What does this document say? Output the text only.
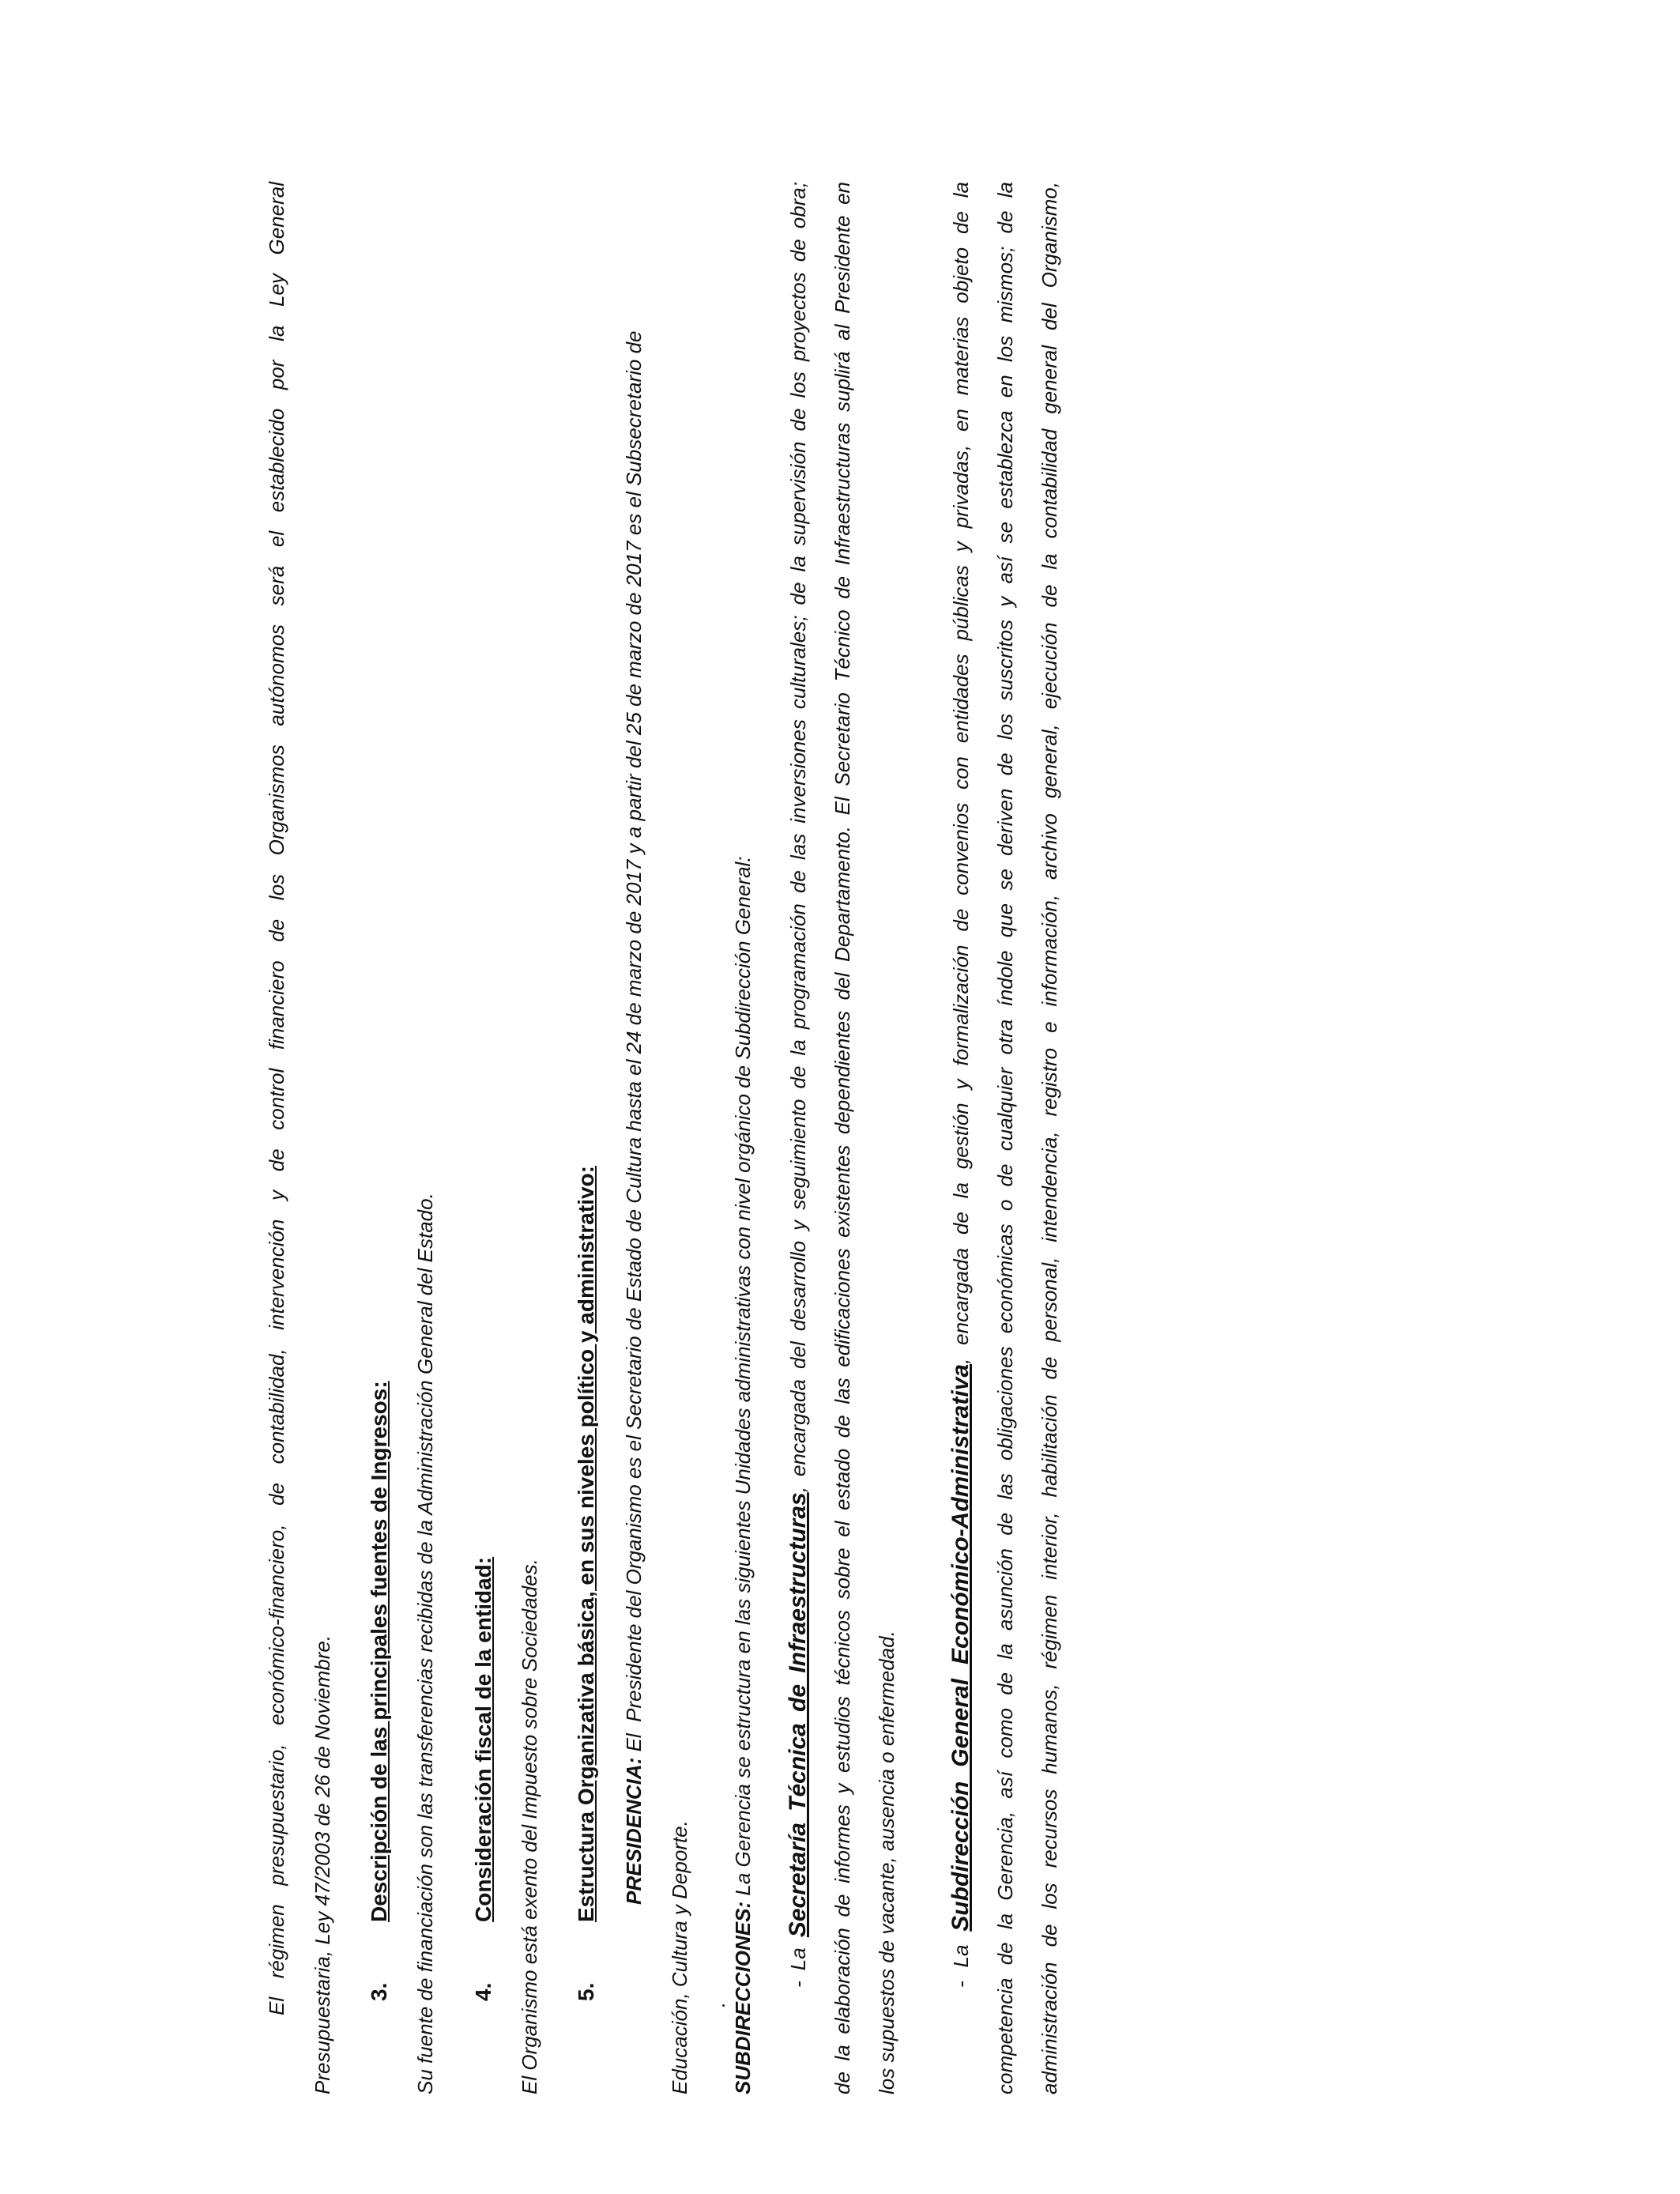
El régimen presupuestario, económico-financiero, de contabilidad, intervención y de control financiero de los Organismos autónomos será el establecido por la Ley General Presupuestaria, Ley 47/2003 de 26 de Noviembre. 3.Descripción de las principales fuentes de Ingresos: Su fuente de financiación son las transferencias recibidas de la Administración General del Estado. 4.Consideración fiscal de la entidad: El Organismo está exento del Impuesto sobre Sociedades. 5.Estructura Organizativa básica, en sus niveles político y administrativo: PRESIDENCIA: El  Presidente del Organismo es el Secretario de Estado de Cultura hasta el 24 de marzo de 2017 y a partir del 25 de marzo de 2017 es el Subsecretario de
Educación, Cultura y Deporte. . SUBDIRECCIONES: La Gerencia se estructura en las siguientes Unidades administrativas con nivel orgánico de Subdirección General:
- La Secretaría Técnica de Infraestructuras, encargada del desarrollo y seguimiento de la programación de las inversiones culturales; de la supervisión de los proyectos de obra; de la elaboración de informes y estudios técnicos sobre el estado de las edificaciones existentes dependientes del Departamento. El Secretario Técnico de Infraestructuras suplirá al Presidente en los supuestos de vacante, ausencia o enfermedad. - La Subdirección General Económico-Administrativa, encargada de la gestión y formalización de convenios con entidades públicas y privadas, en materias objeto de la competencia de la Gerencia, así como de la asunción de las obligaciones económicas o de cualquier otra índole que se deriven de los suscritos y así se establezca en los mismos; de la administración de los recursos humanos, régimen interior, habilitación de personal, intendencia, registro e información, archivo general, ejecución de la contabilidad general del Organismo,
